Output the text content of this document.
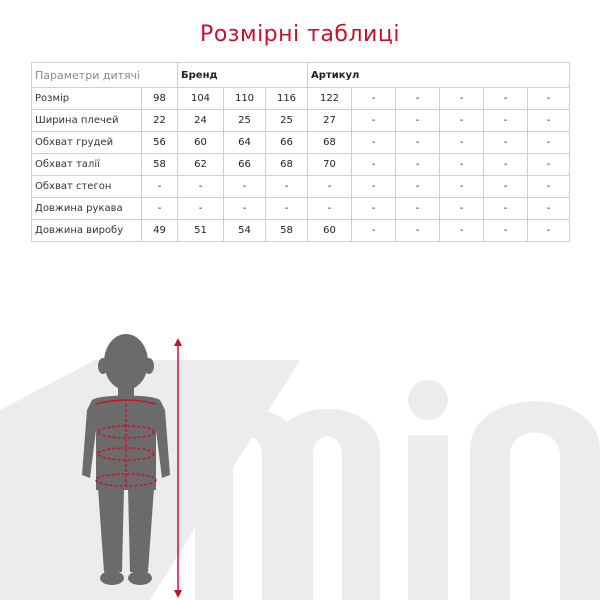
Розмірні таблиці
Параметри дитячі		Бренд			Артикул					
Розмір	98	104	110	116	122	-	-	-	-	-
Ширина плечей	22	24	25	25	27	-	-	-	-	-
Обхват грудей	56	60	64	66	68	-	-	-	-	-
Обхват талії	58	62	66	68	70	-	-	-	-	-
Обхват стегон	-	-	-	-	-	-	-	-	-	-
Довжина рукава	-	-	-	-	-	-	-	-	-	-
Довжина виробу	49	51	54	58	60	-	-	-	-	-
